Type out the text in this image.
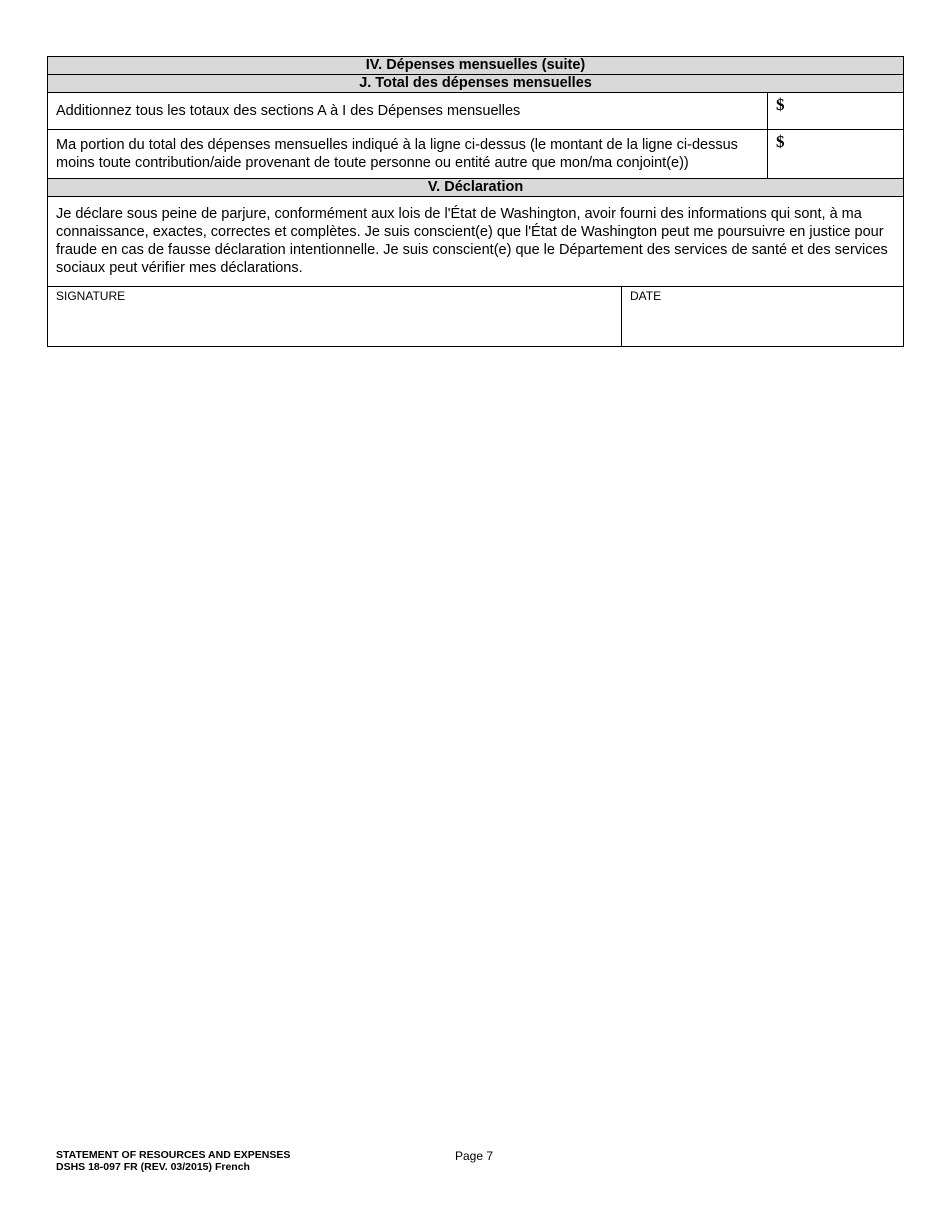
IV. Dépenses mensuelles (suite)		
J. Total des dépenses mensuelles		
Additionnez tous les totaux des sections A à I des Dépenses mensuelles		$
Ma portion du total des dépenses mensuelles indiqué à la ligne ci-dessus (le montant de la ligne ci-dessus moins toute contribution/aide provenant de toute personne ou entité autre que mon/ma conjoint(e))		$
V. Déclaration		
Je déclare sous peine de parjure, conformément aux lois de l'État de Washington, avoir fourni des informations qui sont, à ma connaissance, exactes, correctes et complètes. Je suis conscient(e) que l'État de Washington peut me poursuivre en justice pour fraude en cas de fausse déclaration intentionnelle. Je suis conscient(e) que le Département des services de santé et des services sociaux peut vérifier mes déclarations.		
SIGNATURE	DATE	
STATEMENT OF RESOURCES AND EXPENSES
DSHS 18-097 FR (REV. 03/2015) French
Page 7
